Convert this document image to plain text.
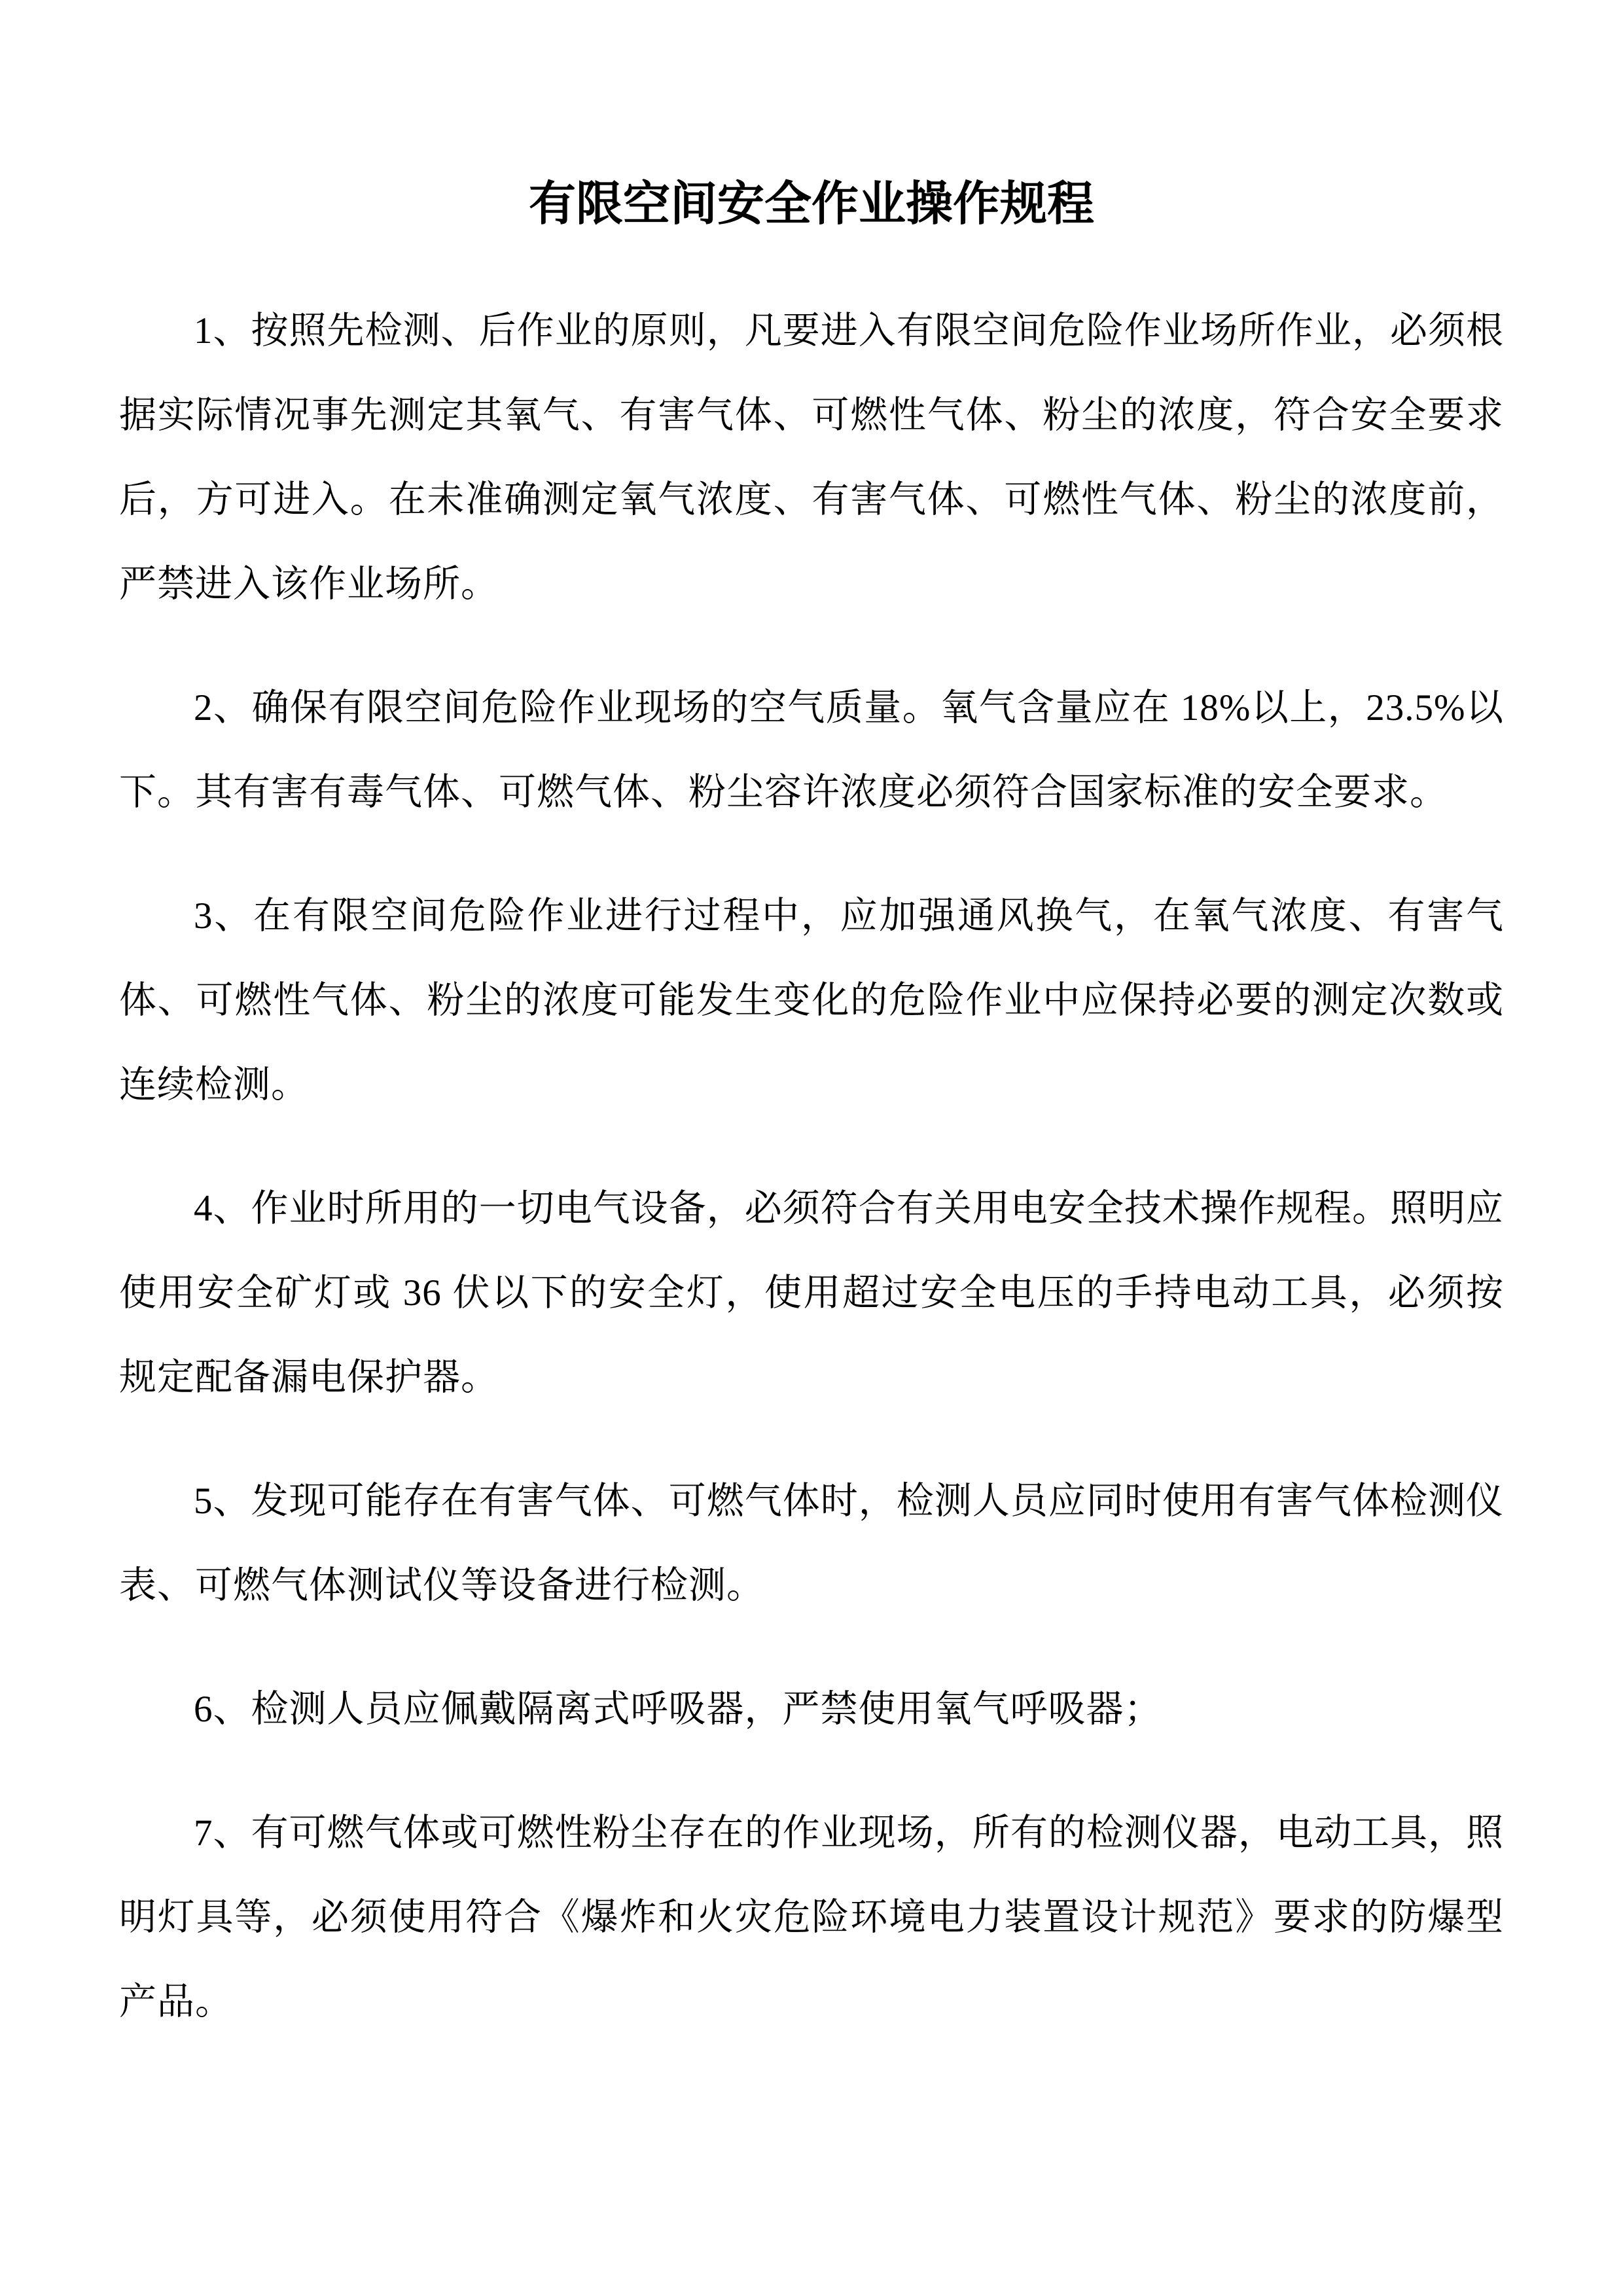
有限空间安全作业操作规程

1、按照先检测、后作业的原则，凡要进入有限空间危险作业场所作业，必须根据实际情况事先测定其氧气、有害气体、可燃性气体、粉尘的浓度，符合安全要求后，方可进入。在未准确测定氧气浓度、有害气体、可燃性气体、粉尘的浓度前，严禁进入该作业场所。

2、确保有限空间危险作业现场的空气质量。氧气含量应在 18%以上，23.5%以下。其有害有毒气体、可燃气体、粉尘容许浓度必须符合国家标准的安全要求。

3、在有限空间危险作业进行过程中，应加强通风换气，在氧气浓度、有害气体、可燃性气体、粉尘的浓度可能发生变化的危险作业中应保持必要的测定次数或连续检测。

4、作业时所用的一切电气设备，必须符合有关用电安全技术操作规程。照明应使用安全矿灯或 36 伏以下的安全灯，使用超过安全电压的手持电动工具，必须按规定配备漏电保护器。

5、发现可能存在有害气体、可燃气体时，检测人员应同时使用有害气体检测仪表、可燃气体测试仪等设备进行检测。

6、检测人员应佩戴隔离式呼吸器，严禁使用氧气呼吸器；

7、有可燃气体或可燃性粉尘存在的作业现场，所有的检测仪器，电动工具，照明灯具等，必须使用符合《爆炸和火灾危险环境电力装置设计规范》要求的防爆型产品。
